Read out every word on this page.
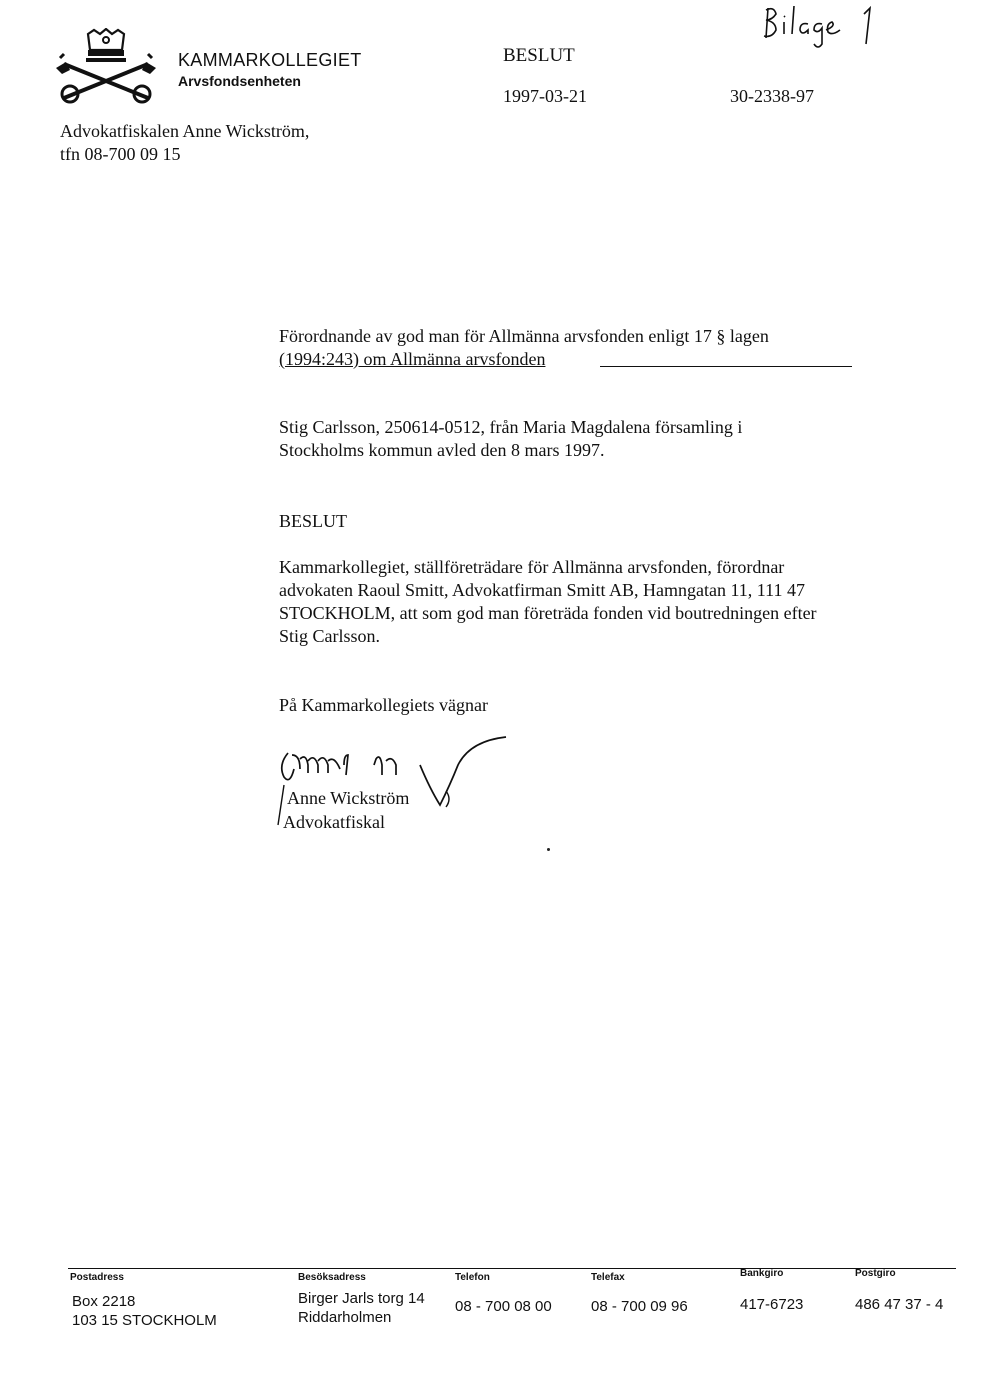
KAMMARKOLLEGIET
Arvsfondsenheten
BESLUT
1997-03-21	30-2338-97
Advokatfiskalen Anne Wickström,
tfn 08-700 09 15
Förordnande av god man för Allmänna arvsfonden enligt 17 § lagen
(1994:243) om Allmänna arvsfonden
Stig Carlsson, 250614-0512, från Maria Magdalena församling i
Stockholms kommun avled den 8 mars 1997.
BESLUT
Kammarkollegiet, ställföreträdare för Allmänna arvsfonden, förordnar
advokaten Raoul Smitt, Advokatfirman Smitt AB, Hamngatan 11, 111 47
STOCKHOLM, att som god man företräda fonden vid boutredningen efter
Stig Carlsson.
På Kammarkollegiets vägnar
Anne Wickström
Advokatfiskal
Postadress
Box 2218
103 15 STOCKHOLM
Besöksadress
Birger Jarls torg 14
Riddarholmen
Telefon
08 - 700 08 00
Telefax
08 - 700 09 96
Bankgiro
417-6723
Postgiro
486 47 37 - 4
